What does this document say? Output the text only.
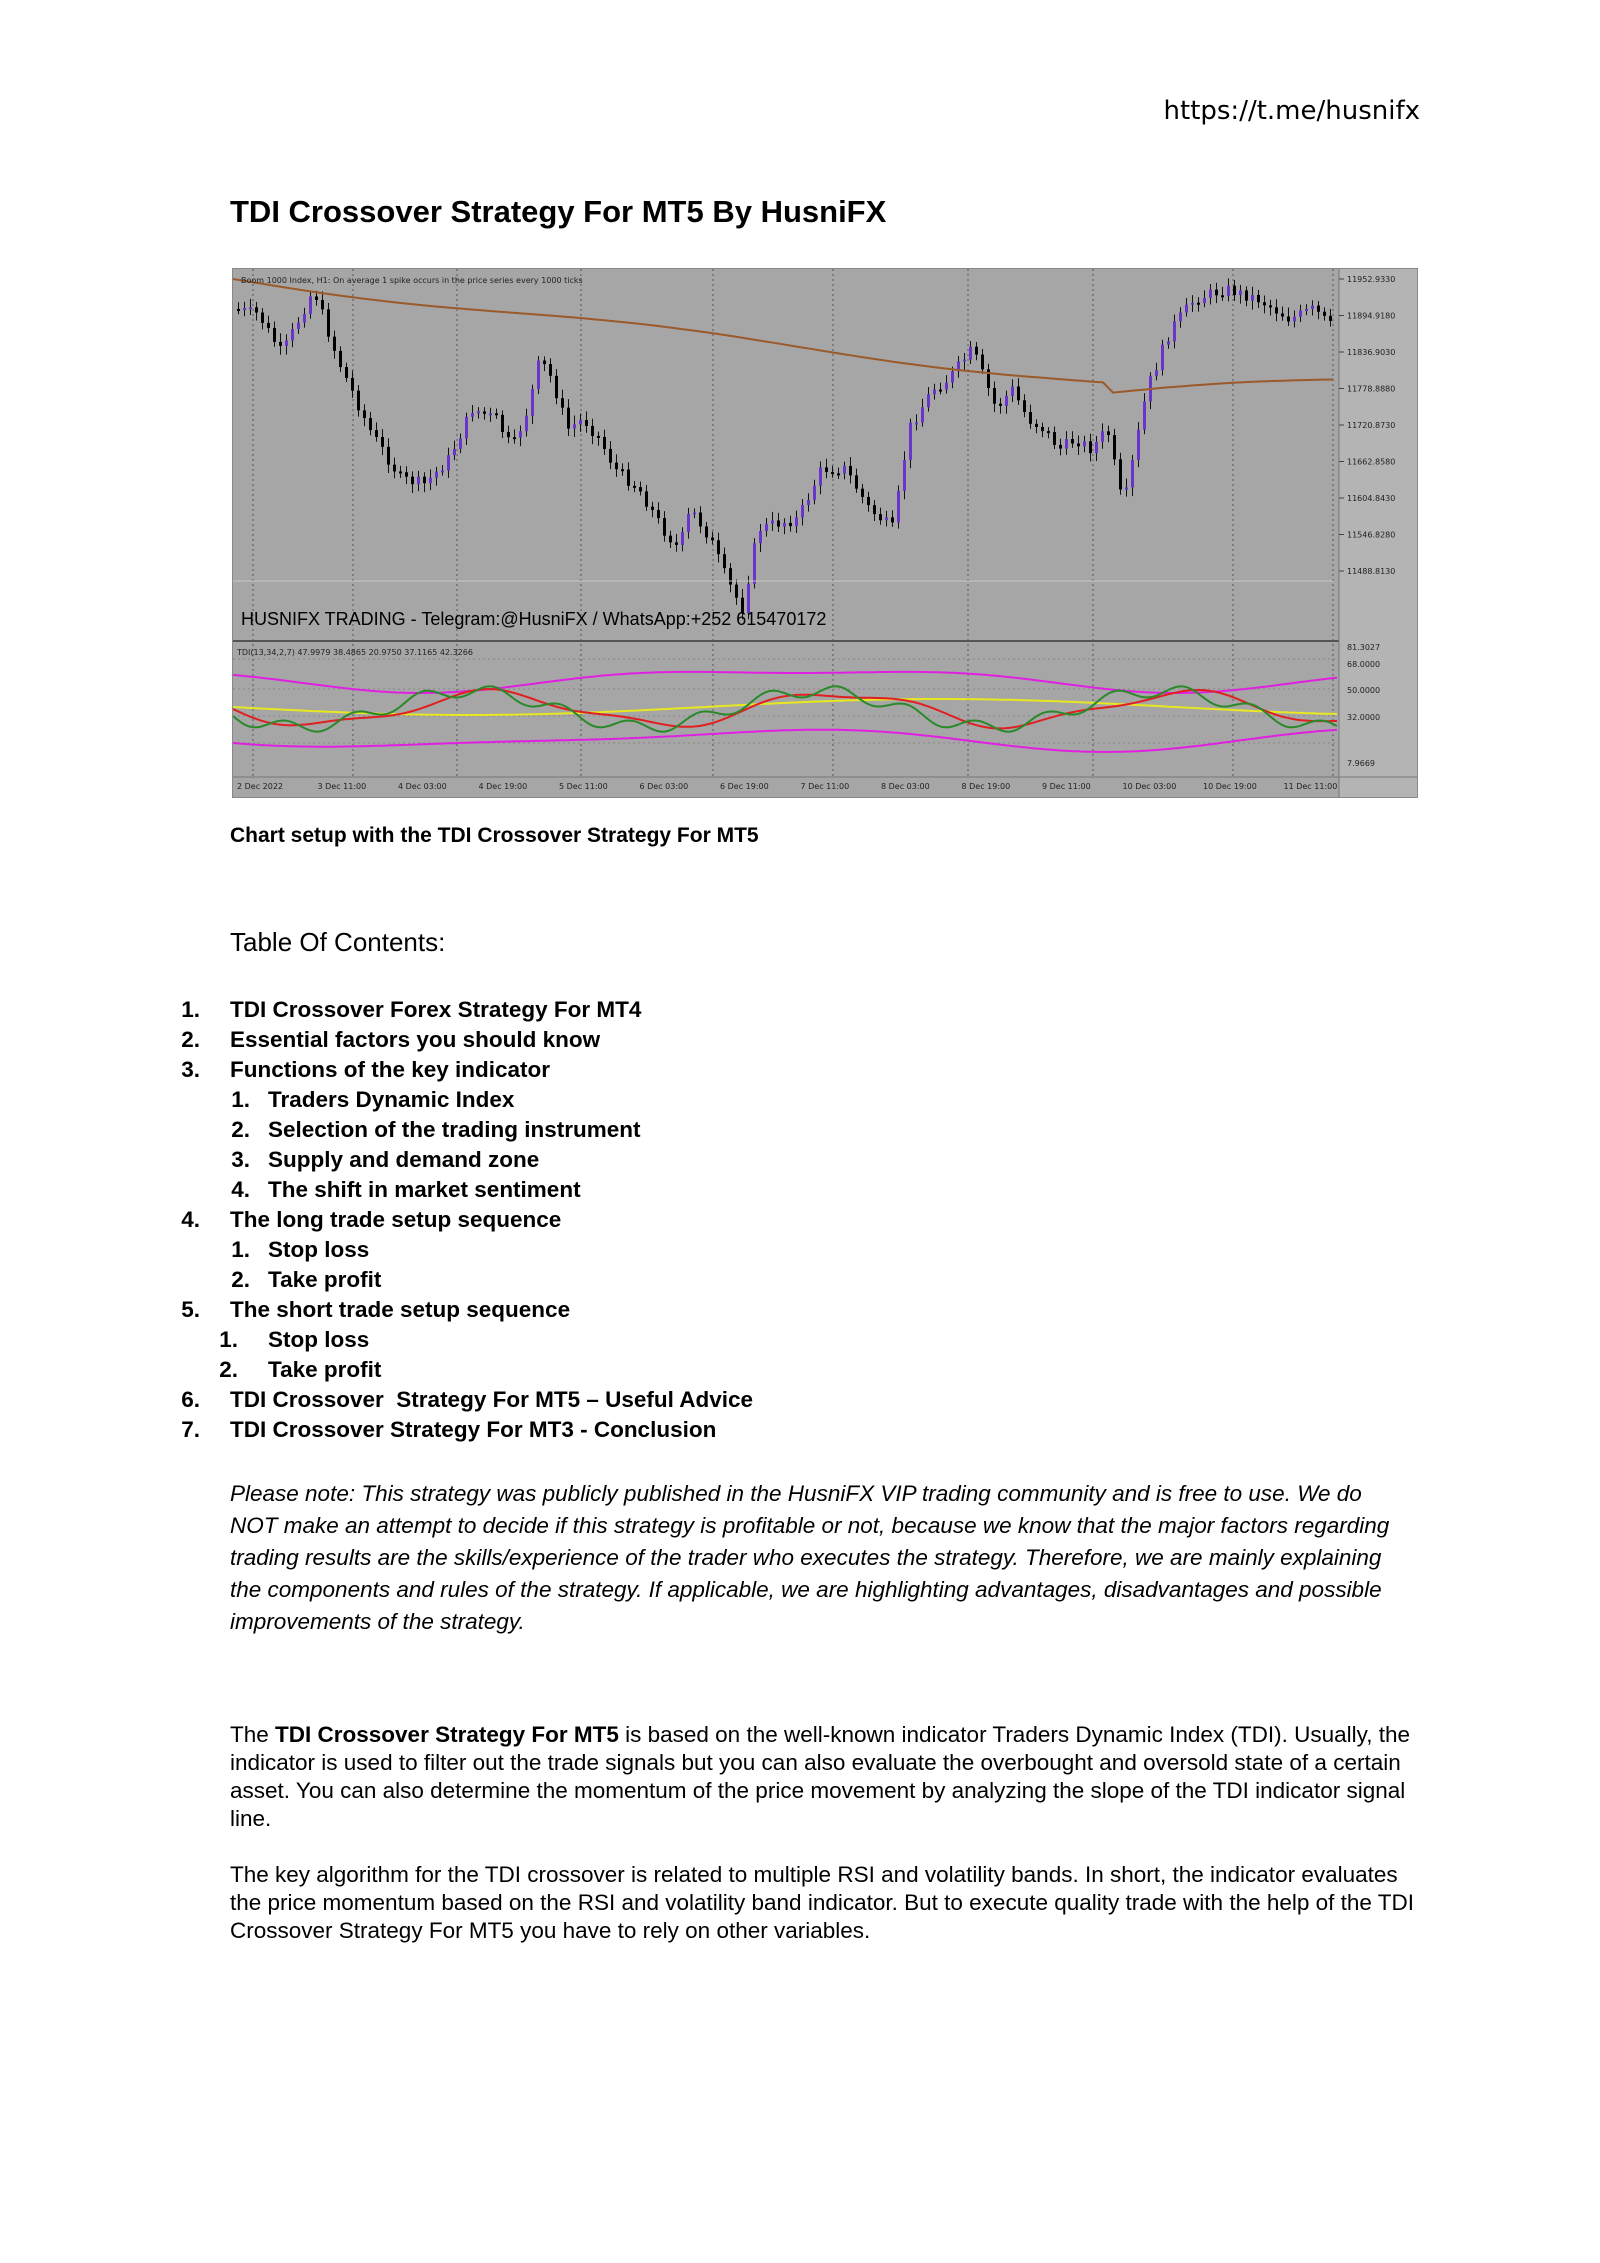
https://t.me/husnifx
TDI Crossover Strategy For MT5 By HusniFX
Boom 1000 Index, H1: On average 1 spike occurs in the price series every 1000 ticks
HUSNIFX TRADING - Telegram:@HusniFX / WhatsApp:+252 615470172
TDI(13,34,2,7) 47.9979 38.4865 20.9750 37.1165 42.3266
11952.9330
11894.9180
11836.9030
11778.8880
11720.8730
11662.8580
11604.8430
11546.8280
11488.8130
81.3027
68.0000
50.0000
32.0000
7.9669
2 Dec 2022	3 Dec 11:00	4 Dec 03:00	4 Dec 19:00	5 Dec 11:00	6 Dec 03:00	6 Dec 19:00	7 Dec 11:00	8 Dec 03:00	8 Dec 19:00	9 Dec 11:00	10 Dec 03:00	10 Dec 19:00	11 Dec 11:00
Chart setup with the TDI Crossover Strategy For MT5
Table Of Contents:
1. TDI Crossover Forex Strategy For MT4
2. Essential factors you should know
3. Functions of the key indicator
1. Traders Dynamic Index
2. Selection of the trading instrument
3. Supply and demand zone
4. The shift in market sentiment
4. The long trade setup sequence
1. Stop loss
2. Take profit
5. The short trade setup sequence
1. Stop loss
2. Take profit
6. TDI Crossover  Strategy For MT5 – Useful Advice
7. TDI Crossover Strategy For MT3 - Conclusion

Please note: This strategy was publicly published in the HusniFX VIP trading community and is free to use. We do NOT make an attempt to decide if this strategy is profitable or not, because we know that the major factors regarding trading results are the skills/experience of the trader who executes the strategy. Therefore, we are mainly explaining the components and rules of the strategy. If applicable, we are highlighting advantages, disadvantages and possible improvements of the strategy.

The TDI Crossover Strategy For MT5 is based on the well-known indicator Traders Dynamic Index (TDI). Usually, the indicator is used to filter out the trade signals but you can also evaluate the overbought and oversold state of a certain asset. You can also determine the momentum of the price movement by analyzing the slope of the TDI indicator signal line.

The key algorithm for the TDI crossover is related to multiple RSI and volatility bands. In short, the indicator evaluates the price momentum based on the RSI and volatility band indicator. But to execute quality trade with the help of the TDI Crossover Strategy For MT5 you have to rely on other variables.
